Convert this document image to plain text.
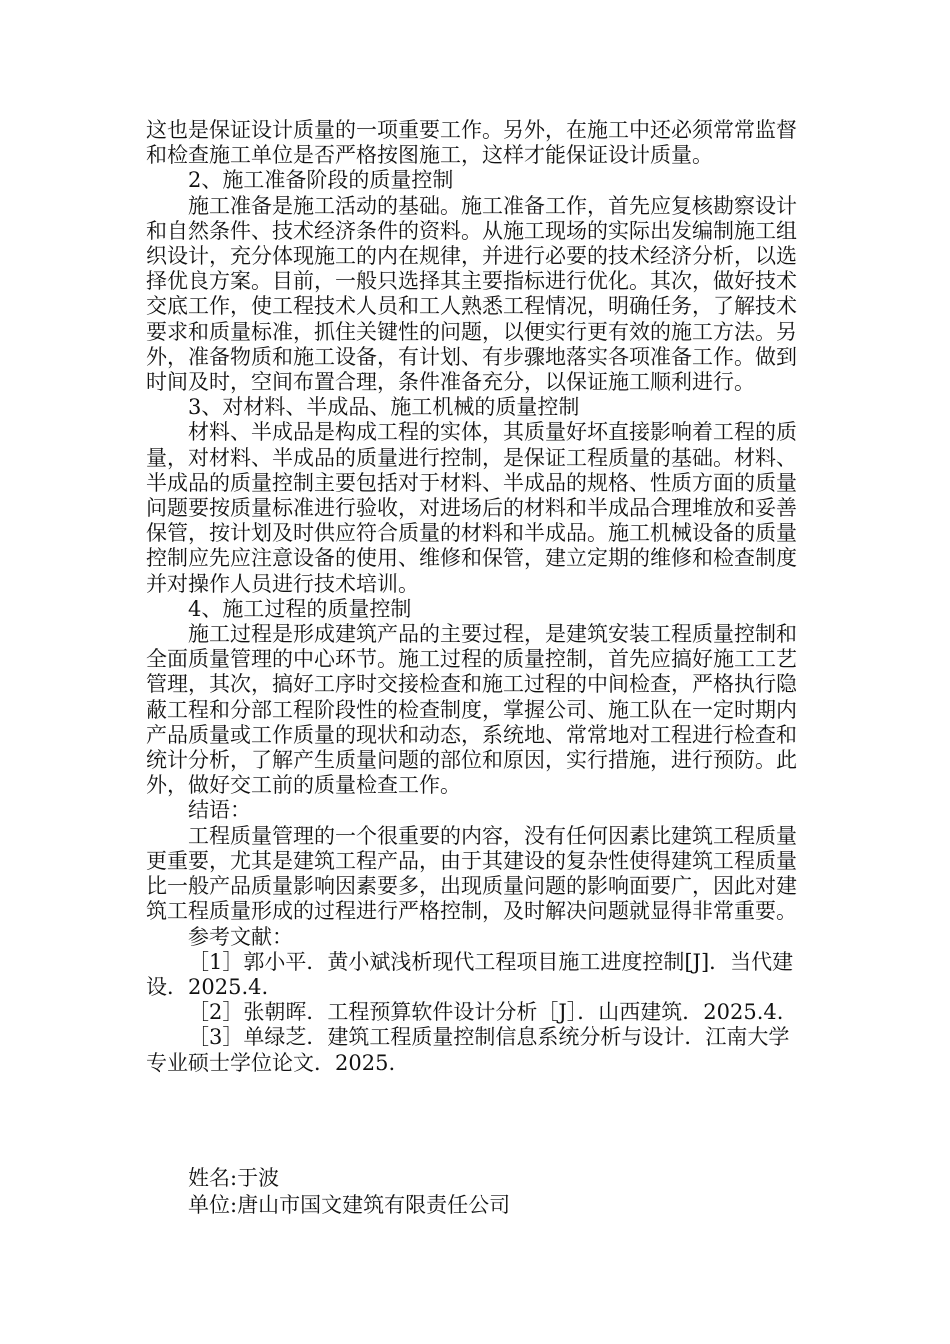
这也是保证设计质量的一项重要工作。另外，在施工中还必须常常监督和检查施工单位是否严格按图施工，这样才能保证设计质量。

2、施工准备阶段的质量控制

施工准备是施工活动的基础。施工准备工作，首先应复核勘察设计和自然条件、技术经济条件的资料。从施工现场的实际出发编制施工组织设计，充分体现施工的内在规律，并进行必要的技术经济分析，以选择优良方案。目前，一般只选择其主要指标进行优化。其次，做好技术交底工作，使工程技术人员和工人熟悉工程情况，明确任务，了解技术要求和质量标准，抓住关键性的问题，以便实行更有效的施工方法。另外，准备物质和施工设备，有计划、有步骤地落实各项准备工作。做到时间及时，空间布置合理，条件准备充分，以保证施工顺利进行。

3、对材料、半成品、施工机械的质量控制

材料、半成品是构成工程的实体，其质量好坏直接影响着工程的质量，对材料、半成品的质量进行控制，是保证工程质量的基础。材料、半成品的质量控制主要包括对于材料、半成品的规格、性质方面的质量问题要按质量标准进行验收，对进场后的材料和半成品合理堆放和妥善保管，按计划及时供应符合质量的材料和半成品。施工机械设备的质量控制应先应注意设备的使用、维修和保管，建立定期的维修和检查制度并对操作人员进行技术培训。

4、施工过程的质量控制

施工过程是形成建筑产品的主要过程，是建筑安装工程质量控制和全面质量管理的中心环节。施工过程的质量控制，首先应搞好施工工艺管理，其次，搞好工序时交接检查和施工过程的中间检查，严格执行隐蔽工程和分部工程阶段性的检查制度，掌握公司、施工队在一定时期内产品质量或工作质量的现状和动态，系统地、常常地对工程进行检查和统计分析，了解产生质量问题的部位和原因，实行措施，进行预防。此外，做好交工前的质量检查工作。

结语：

工程质量管理的一个很重要的内容，没有任何因素比建筑工程质量更重要，尤其是建筑工程产品，由于其建设的复杂性使得建筑工程质量比一般产品质量影响因素要多，出现质量问题的影响面要广，因此对建筑工程质量形成的过程进行严格控制，及时解决问题就显得非常重要。

参考文献：

［1］郭小平．黄小斌浅析现代工程项目施工进度控制[J]．当代建设．2025.4.

［2］张朝晖．工程预算软件设计分析［J］．山西建筑．2025.4.

［3］单绿芝．建筑工程质量控制信息系统分析与设计．江南大学专业硕士学位论文．2025.

姓名:于波

单位:唐山市国文建筑有限责任公司
